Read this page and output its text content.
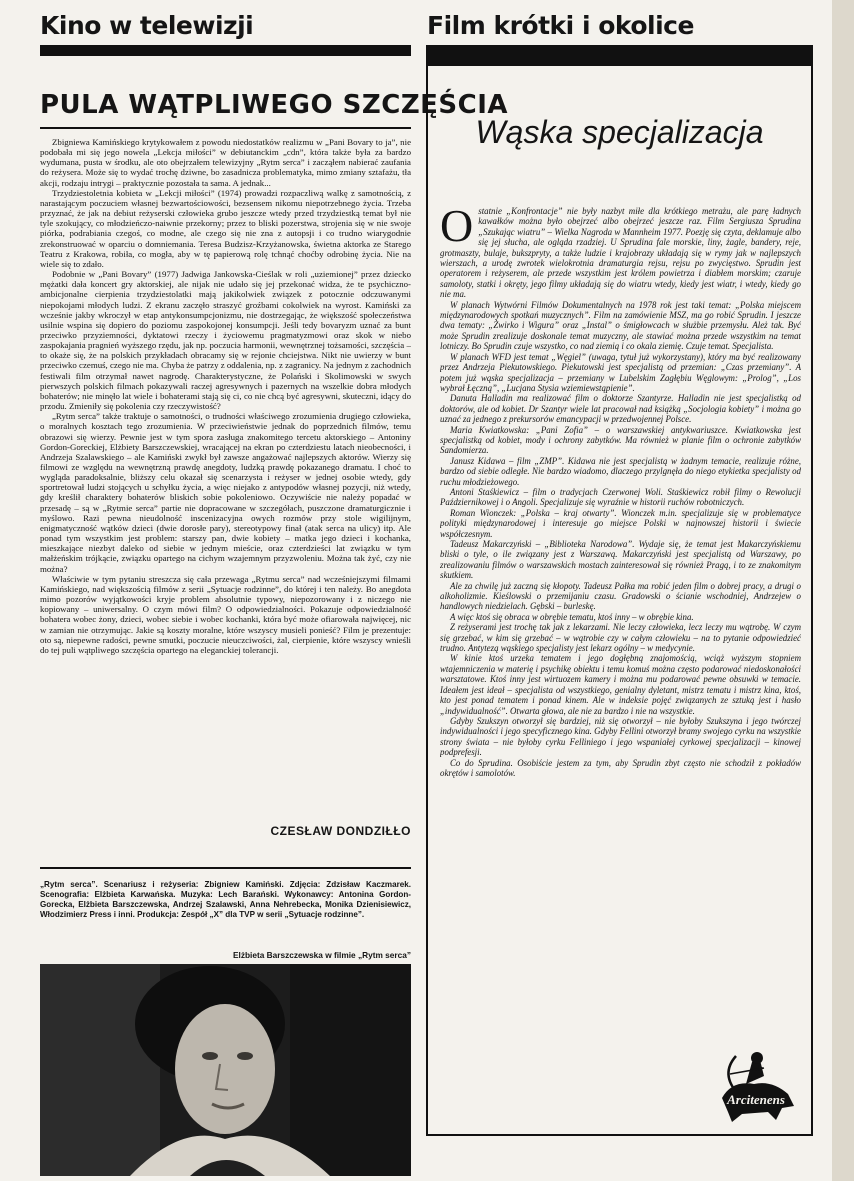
Kino w telewizji
PULA WĄTPLIWEGO SZCZĘŚCIA

Zbigniewa Kamińskiego krytykowałem z powodu niedostatków realizmu w „Pani Bovary to ja”, nie podobała mi się jego nowela „Lekcja miłości” w debiutanckim „cdn”, która także była za bardzo wydumana, pusta w środku, ale oto obejrzałem telewizyjny „Rytm serca” i zacząłem nabierać zaufania do reżysera. Może się to wydać trochę dziwne, bo zasadnicza problematyka, mimo zmiany sztafażu, tła akcji, rodzaju intrygi – praktycznie pozostała ta sama. A jednak...

Trzydziestoletnia kobieta w „Lekcji miłości” (1974) prowadzi rozpaczliwą walkę z samotnością, z narastającym poczuciem własnej bezwartościowości, bezsensem nikomu niepotrzebnego życia. Trzeba przyznać, że jak na debiut reżyserski człowieka grubo jeszcze wtedy przed trzydziestką temat był nie tyle szokujący, co młodzieńczo-naiwnie przekorny; przez to bliski pozerstwa, strojenia się w nie swoje piórka, podrabiania czegoś, co modne, ale czego się nie zna z autopsji i co trudno wiarygodnie zrekonstruować w oparciu o domniemania. Teresa Budzisz-Krzyżanowska, świetna aktorka ze Starego Teatru z Krakowa, robiła, co mogła, aby w tę papierową rolę tchnąć choćby odrobinę życia. Nie na wiele się to zdało.

Podobnie w „Pani Bovary” (1977) Jadwiga Jankowska-Cieślak w roli „uziemionej” przez dziecko mężatki dała koncert gry aktorskiej, ale nijak nie udało się jej przekonać widza, że te psychiczno-ambicjonalne cierpienia trzydziestolatki mają jakikolwiek związek z potocznie odczuwanymi niepokojami młodych ludzi. Z ekranu zaczęło straszyć groźbami cokolwiek na wyrost. Kamiński za wcześnie jakby wkroczył w etap antykonsumpcjonizmu, nie dostrzegając, że większość społeczeństwa usilnie wspina się dopiero do poziomu zaspokojonej konsumpcji. Jeśli tedy bovaryzm uznać za bunt przeciwko przyziemności, dyktatowi rzeczy i życiowemu pragmatyzmowi oraz skok w niebo zaspokajania pragnień wyższego rzędu, jak np. poczucia harmonii, wewnętrznej tożsamości, szczęścia – to okaże się, że na polskich przykładach obracamy się w rejonie chciejstwa. Nikt nie uwierzy w bunt przeciwko czemuś, czego nie ma. Chyba że patrzy z oddalenia, np. z zagranicy. Na jednym z zachodnich festiwali film otrzymał nawet nagrodę. Charakterystyczne, że Polański i Skolimowski w swych pierwszych polskich filmach pokazywali raczej agresywnych i pazernych na wszelkie dobra młodych bohaterów; nie minęło lat wiele i bohaterami stają się ci, co nie chcą być agresywni, skuteczni, idący do przodu. Zmieniły się pokolenia czy rzeczywistość?

„Rytm serca” także traktuje o samotności, o trudności właściwego zrozumienia drugiego człowieka, o moralnych kosztach tego zrozumienia. W przeciwieństwie jednak do poprzednich filmów, temu obrazowi się wierzy. Pewnie jest w tym spora zasługa znakomitego tercetu aktorskiego – Antoniny Gordon-Goreckiej, Elżbiety Barszczewskiej, wracającej na ekran po czterdziestu latach nieobecności, i Andrzeja Szalawskiego – ale Kamiński zwykł był zawsze angażować najlepszych aktorów. Wierzy się filmowi ze względu na wewnętrzną prawdę anegdoty, ludzką prawdę pokazanego dramatu. I choć to wygląda paradoksalnie, bliższy celu okazał się scenarzysta i reżyser w jednej osobie wtedy, gdy sportretował ludzi stojących u schyłku życia, a więc niejako z antypodów własnej pozycji, niż wtedy, gdy kreślił charaktery bohaterów bliskich sobie pokoleniowo. Oczywiście nie należy popadać w przesadę – są w „Rytmie serca” partie nie dopracowane w szczegółach, puszczone dramaturgicznie i myślowo. Razi pewna nieudolność inscenizacyjna owych rozmów przy stole wigilijnym, enigmatyczność wątków dzieci (dwie dorosłe pary), stereotypowy finał (atak serca na ulicy) itp. Ale ponad tym wszystkim jest problem: starszy pan, dwie kobiety – matka jego dzieci i kochanka, mieszkające niezbyt daleko od siebie w jednym mieście, oraz czterdzieści lat związku w tym małżeńskim trójkącie, związku opartego na cichym wzajemnym przyzwoleniu. Można tak żyć, czy nie można?

Właściwie w tym pytaniu streszcza się cała przewaga „Rytmu serca” nad wcześniejszymi filmami Kamińskiego, nad większością filmów z serii „Sytuacje rodzinne”, do której i ten należy. Bo anegdota mimo pozorów wyjątkowości kryje problem absolutnie typowy, niepozorowany i z niczego nie kopiowany – uniwersalny. O czym mówi film? O odpowiedzialności. Pokazuje odpowiedzialność bohatera wobec żony, dzieci, wobec siebie i wobec kochanki, która być może ofiarowała najwięcej, nic w zamian nie otrzymując. Jakie są koszty moralne, które wszyscy musieli ponieść? Film je prezentuje: oto są, niepewne radości, pewne smutki, poczucie nieuczciwości, żal, cierpienie, które wszyscy wnieśli do tej puli wątpliwego szczęścia opartego na eleganckiej tolerancji.

CZESŁAW DONDZIŁŁO
„Rytm serca”. Scenariusz i reżyseria: Zbigniew Kamiński. Zdjęcia: Zdzisław Kaczmarek. Scenografia: Elżbieta Karwańska. Muzyka: Lech Barański. Wykonawcy: Antonina Gordon-Gorecka, Elżbieta Barszczewska, Andrzej Szalawski, Anna Nehrebecka, Monika Dzienisiewicz, Włodzimierz Press i inni. Produkcja: Zespół „X” dla TVP w serii „Sytuacje rodzinne”.
Elżbieta Barszczewska w filmie „Rytm serca”
Film krótki i okolice
Wąska specjalizacja

Ostatnie „Konfrontacje” nie były nazbyt miłe dla krótkiego metrażu, ale parę ładnych kawałków można było obejrzeć albo obejrzeć jeszcze raz. Film Sergiusza Sprudina „Szukając wiatru” – Wielka Nagroda w Mannheim 1977. Poezję się czyta, deklamuje albo się jej słucha, ale ogląda rzadziej. U Sprudina fale morskie, liny, żagle, bandery, reje, grotmaszty, bulaje, bukszpryty, a także ludzie i krajobrazy układają się w rymy jak w najlepszych wierszach, a urodę zwrotek wielokrotnia dramaturgia rejsu, rejsu po zwycięstwo. Sprudin jest operatorem i reżyserem, ale przede wszystkim jest królem powietrza i diabłem morskim; czaruje samoloty, statki i okręty, jego filmy układają się do wiatru wtedy, kiedy jest wiatr, i wtedy, kiedy go nie ma.

W planach Wytwórni Filmów Dokumentalnych na 1978 rok jest taki temat: „Polska miejscem międzynarodowych spotkań muzycznych”. Film na zamówienie MSZ, ma go robić Sprudin. I jeszcze dwa tematy: „Żwirko i Wigura” oraz „Instal” o śmigłowcach w służbie przemysłu. Ależ tak. Być może Sprudin zrealizuje doskonale temat muzyczny, ale stawiać można przede wszystkim na temat lotniczy. Bo Sprudin czuje wszystko, co nad ziemią i co okala ziemię. Czuje temat. Specjalista.

W planach WFD jest temat „Węgiel” (uwaga, tytuł już wykorzystany), który ma być realizowany przez Andrzeja Piekutowskiego. Piekutowski jest specjalistą od przemian: „Czas przemiany”. A potem już wąska specjalizacja – przemiany w Lubelskim Zagłębiu Węglowym: „Prolog”, „Los wybrał Łęczną”, „Lucjana Stysia wziemiewstąpienie”.

Danuta Halladin ma realizować film o doktorze Szantyrze. Halladin nie jest specjalistką od doktorów, ale od kobiet. Dr Szantyr wiele lat pracował nad książką „Socjologia kobiety” i można go uznać za jednego z prekursorów emancypacji w przedwojennej Polsce.

Maria Kwiatkowska: „Pani Zofia” – o warszawskiej antykwariuszce. Kwiatkowska jest specjalistką od kobiet, mody i ochrony zabytków. Ma również w planie film o ochronie zabytków Sandomierza.

Janusz Kidawa – film „ZMP”. Kidawa nie jest specjalistą w żadnym temacie, realizuje różne, bardzo od siebie odległe. Nie bardzo wiadomo, dlaczego przylgnęła do niego etykietka specjalisty od ruchu młodzieżowego.

Antoni Staśkiewicz – film o tradycjach Czerwonej Woli. Staśkiewicz robił filmy o Rewolucji Październikowej i o Angoli. Specjalizuje się wyraźnie w historii ruchów robotniczych.

Roman Wionczek: „Polska – kraj otwarty”. Wionczek m.in. specjalizuje się w problematyce polityki międzynarodowej i interesuje go miejsce Polski w najnowszej historii i świecie współczesnym.

Tadeusz Makarczyński – „Biblioteka Narodowa”. Wydaje się, że temat jest Makarczyńskiemu bliski o tyle, o ile związany jest z Warszawą. Makarczyński jest specjalistą od Warszawy, po zrealizowaniu filmów o warszawskich mostach zainteresował się również Pragą, i to ze znakomitym skutkiem.

Ale za chwilę już zaczną się kłopoty. Tadeusz Pałka ma robić jeden film o dobrej pracy, a drugi o alkoholizmie. Kieślowski o przemijaniu czasu. Gradowski o ścianie wschodniej, Andrzejew o handlowych niedzielach. Gębski – burleskę.

A więc ktoś się obraca w obrębie tematu, ktoś inny – w obrębie kina.

Z reżyserami jest trochę tak jak z lekarzami. Nie leczy człowieka, lecz leczy mu wątrobę. W czym się grzebać, w kim się grzebać – w wątrobie czy w całym człowieku – na to pytanie odpowiedzieć trudno. Antytezą wąskiego specjalisty jest lekarz ogólny – w medycynie.

W kinie ktoś urzeka tematem i jego dogłębną znajomością, wciąż wyższym stopniem wtajemniczenia w materię i psychikę obiektu i temu komuś można często podarować niedoskonałości warsztatowe. Ktoś inny jest wirtuozem kamery i można mu podarować pewne obsuwki w temacie. Ideałem jest ideał – specjalista od wszystkiego, genialny dyletant, mistrz tematu i mistrz kina, ktoś, kto jest ponad tematem i ponad kinem. Ale w indeksie pojęć związanych ze sztuką jest i hasło „indywidualność”. Otwarta głowa, ale nie za bardzo i nie na wszystkie.

Gdyby Szukszyn otworzył się bardziej, niż się otworzył – nie byłoby Szukszyna i jego twórczej indywidualności i jego specyficznego kina. Gdyby Fellini otworzył bramy swojego cyrku na wszystkie strony świata – nie byłoby cyrku Felliniego i jego wspaniałej cyrkowej specjalizacji – kinowej podprefesji.

Co do Sprudina. Osobiście jestem za tym, aby Sprudin zbyt często nie schodził z pokładów okrętów i samolotów.

Arcitenens
